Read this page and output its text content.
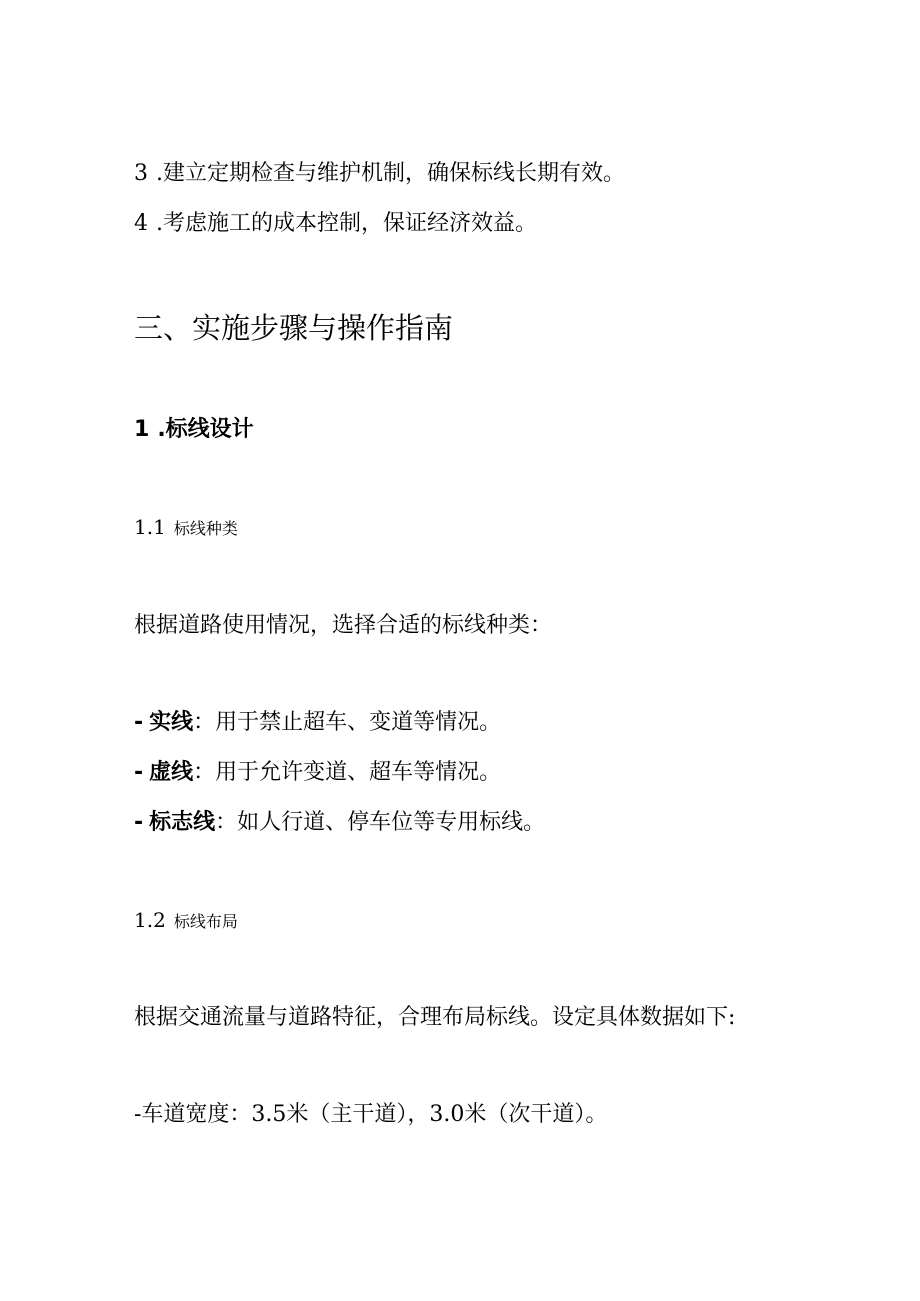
3 .建立定期检查与维护机制，确保标线长期有效。
4 .考虑施工的成本控制，保证经济效益。
三、实施步骤与操作指南
1 .标线设计
1.1 标线种类
根据道路使用情况，选择合适的标线种类：
- 实线：用于禁止超车、变道等情况。
- 虚线：用于允许变道、超车等情况。
- 标志线：如人行道、停车位等专用标线。
1.2 标线布局
根据交通流量与道路特征，合理布局标线。设定具体数据如下:
-车道宽度：3.5米（主干道），3.0米（次干道）。
